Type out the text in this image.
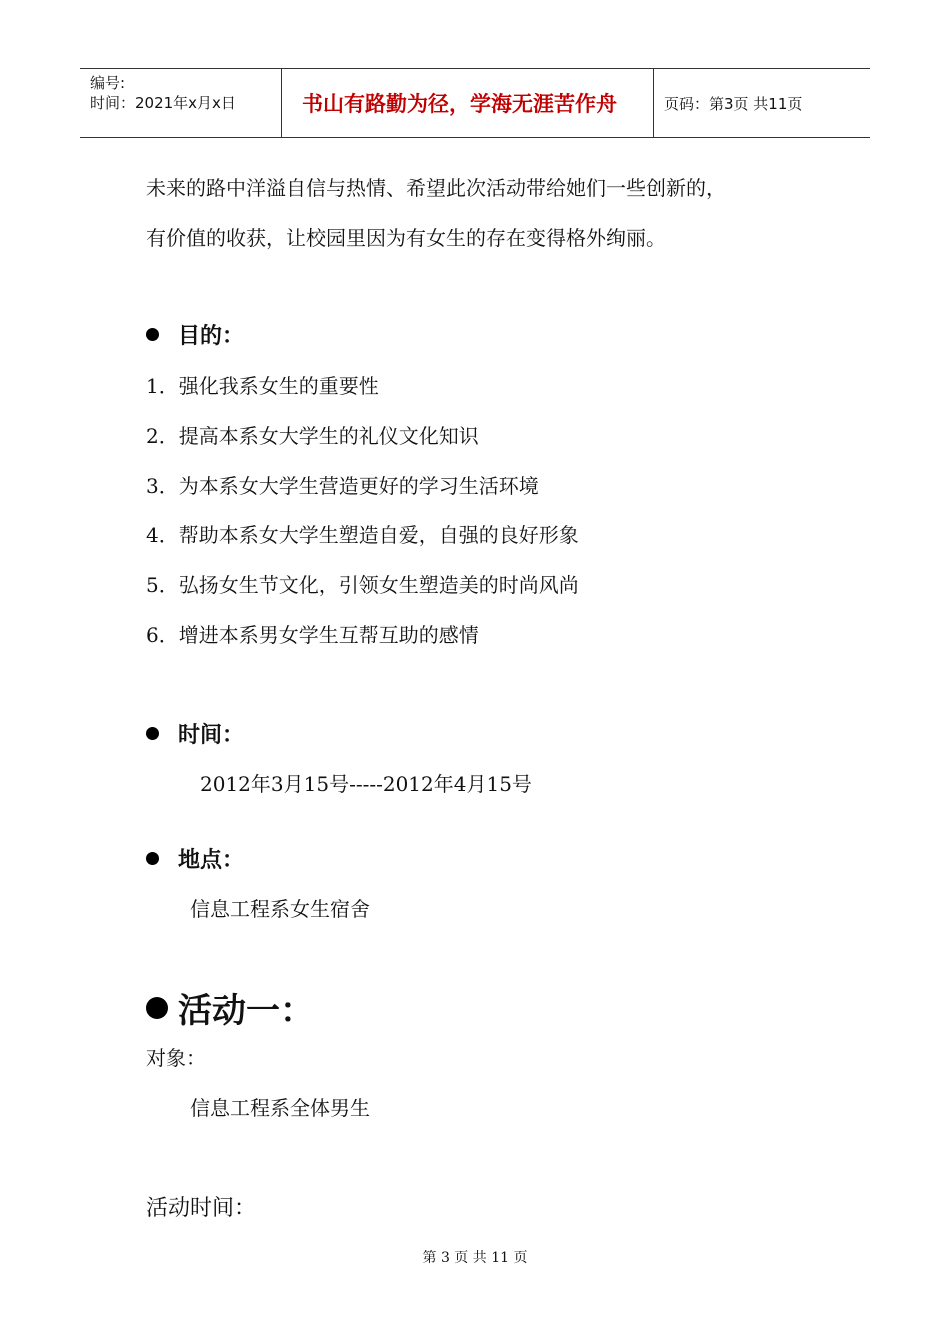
编号:
时间：2021年x月x日	书山有路勤为径，学海无涯苦作舟	页码：第3页 共11页
未来的路中洋溢自信与热情、希望此次活动带给她们一些创新的，
有价值的收获，让校园里因为有女生的存在变得格外绚丽。
目的：
1．强化我系女生的重要性
2．提高本系女大学生的礼仪文化知识
3．为本系女大学生营造更好的学习生活环境
4．帮助本系女大学生塑造自爱，自强的良好形象
5．弘扬女生节文化，引领女生塑造美的时尚风尚
6．增进本系男女学生互帮互助的感情
时间：
2012年3月15号-----2012年4月15号
地点：
信息工程系女生宿舍
活动一：
对象：
信息工程系全体男生
活动时间：
第 3 页 共 11 页
